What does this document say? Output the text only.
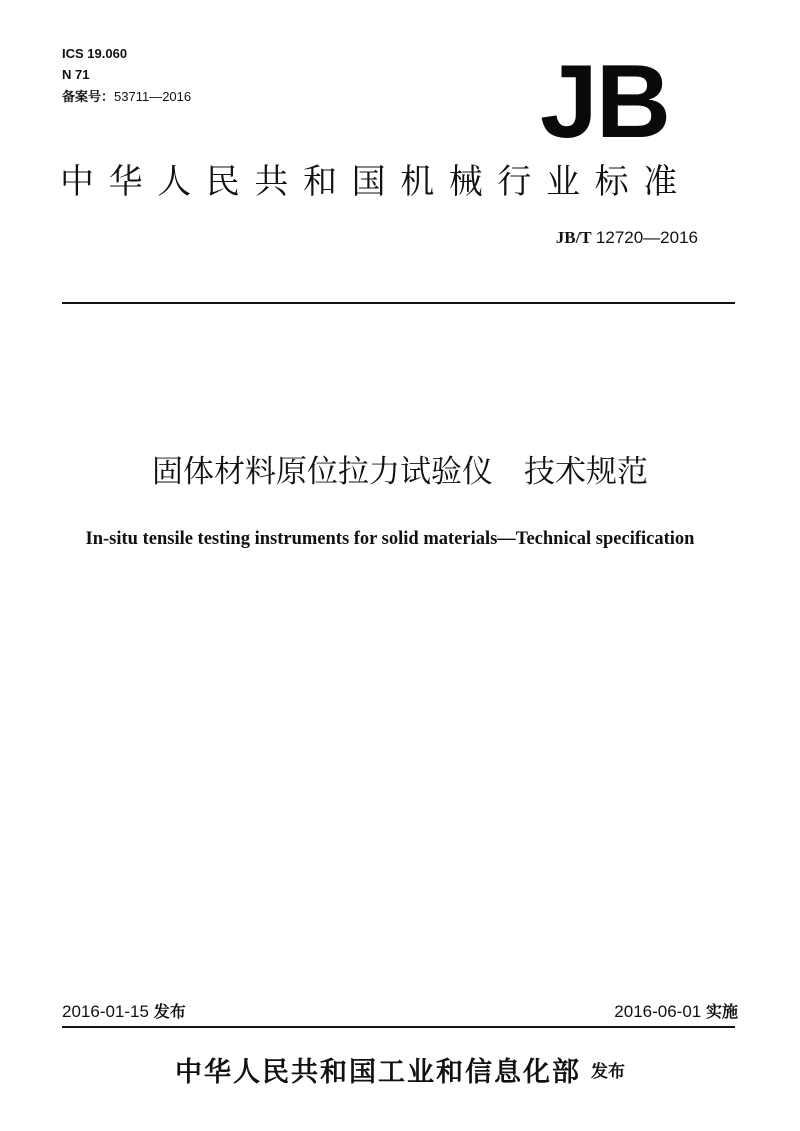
ICS 19.060
N 71
备案号：53711—2016	JB
中华人民共和国机械行业标准
JB/T 12720—2016
固体材料原位拉力试验仪　技术规范
In-situ tensile testing instruments for solid materials—Technical specification
2016-01-15 发布	2016-06-01 实施
中华人民共和国工业和信息化部 发布
